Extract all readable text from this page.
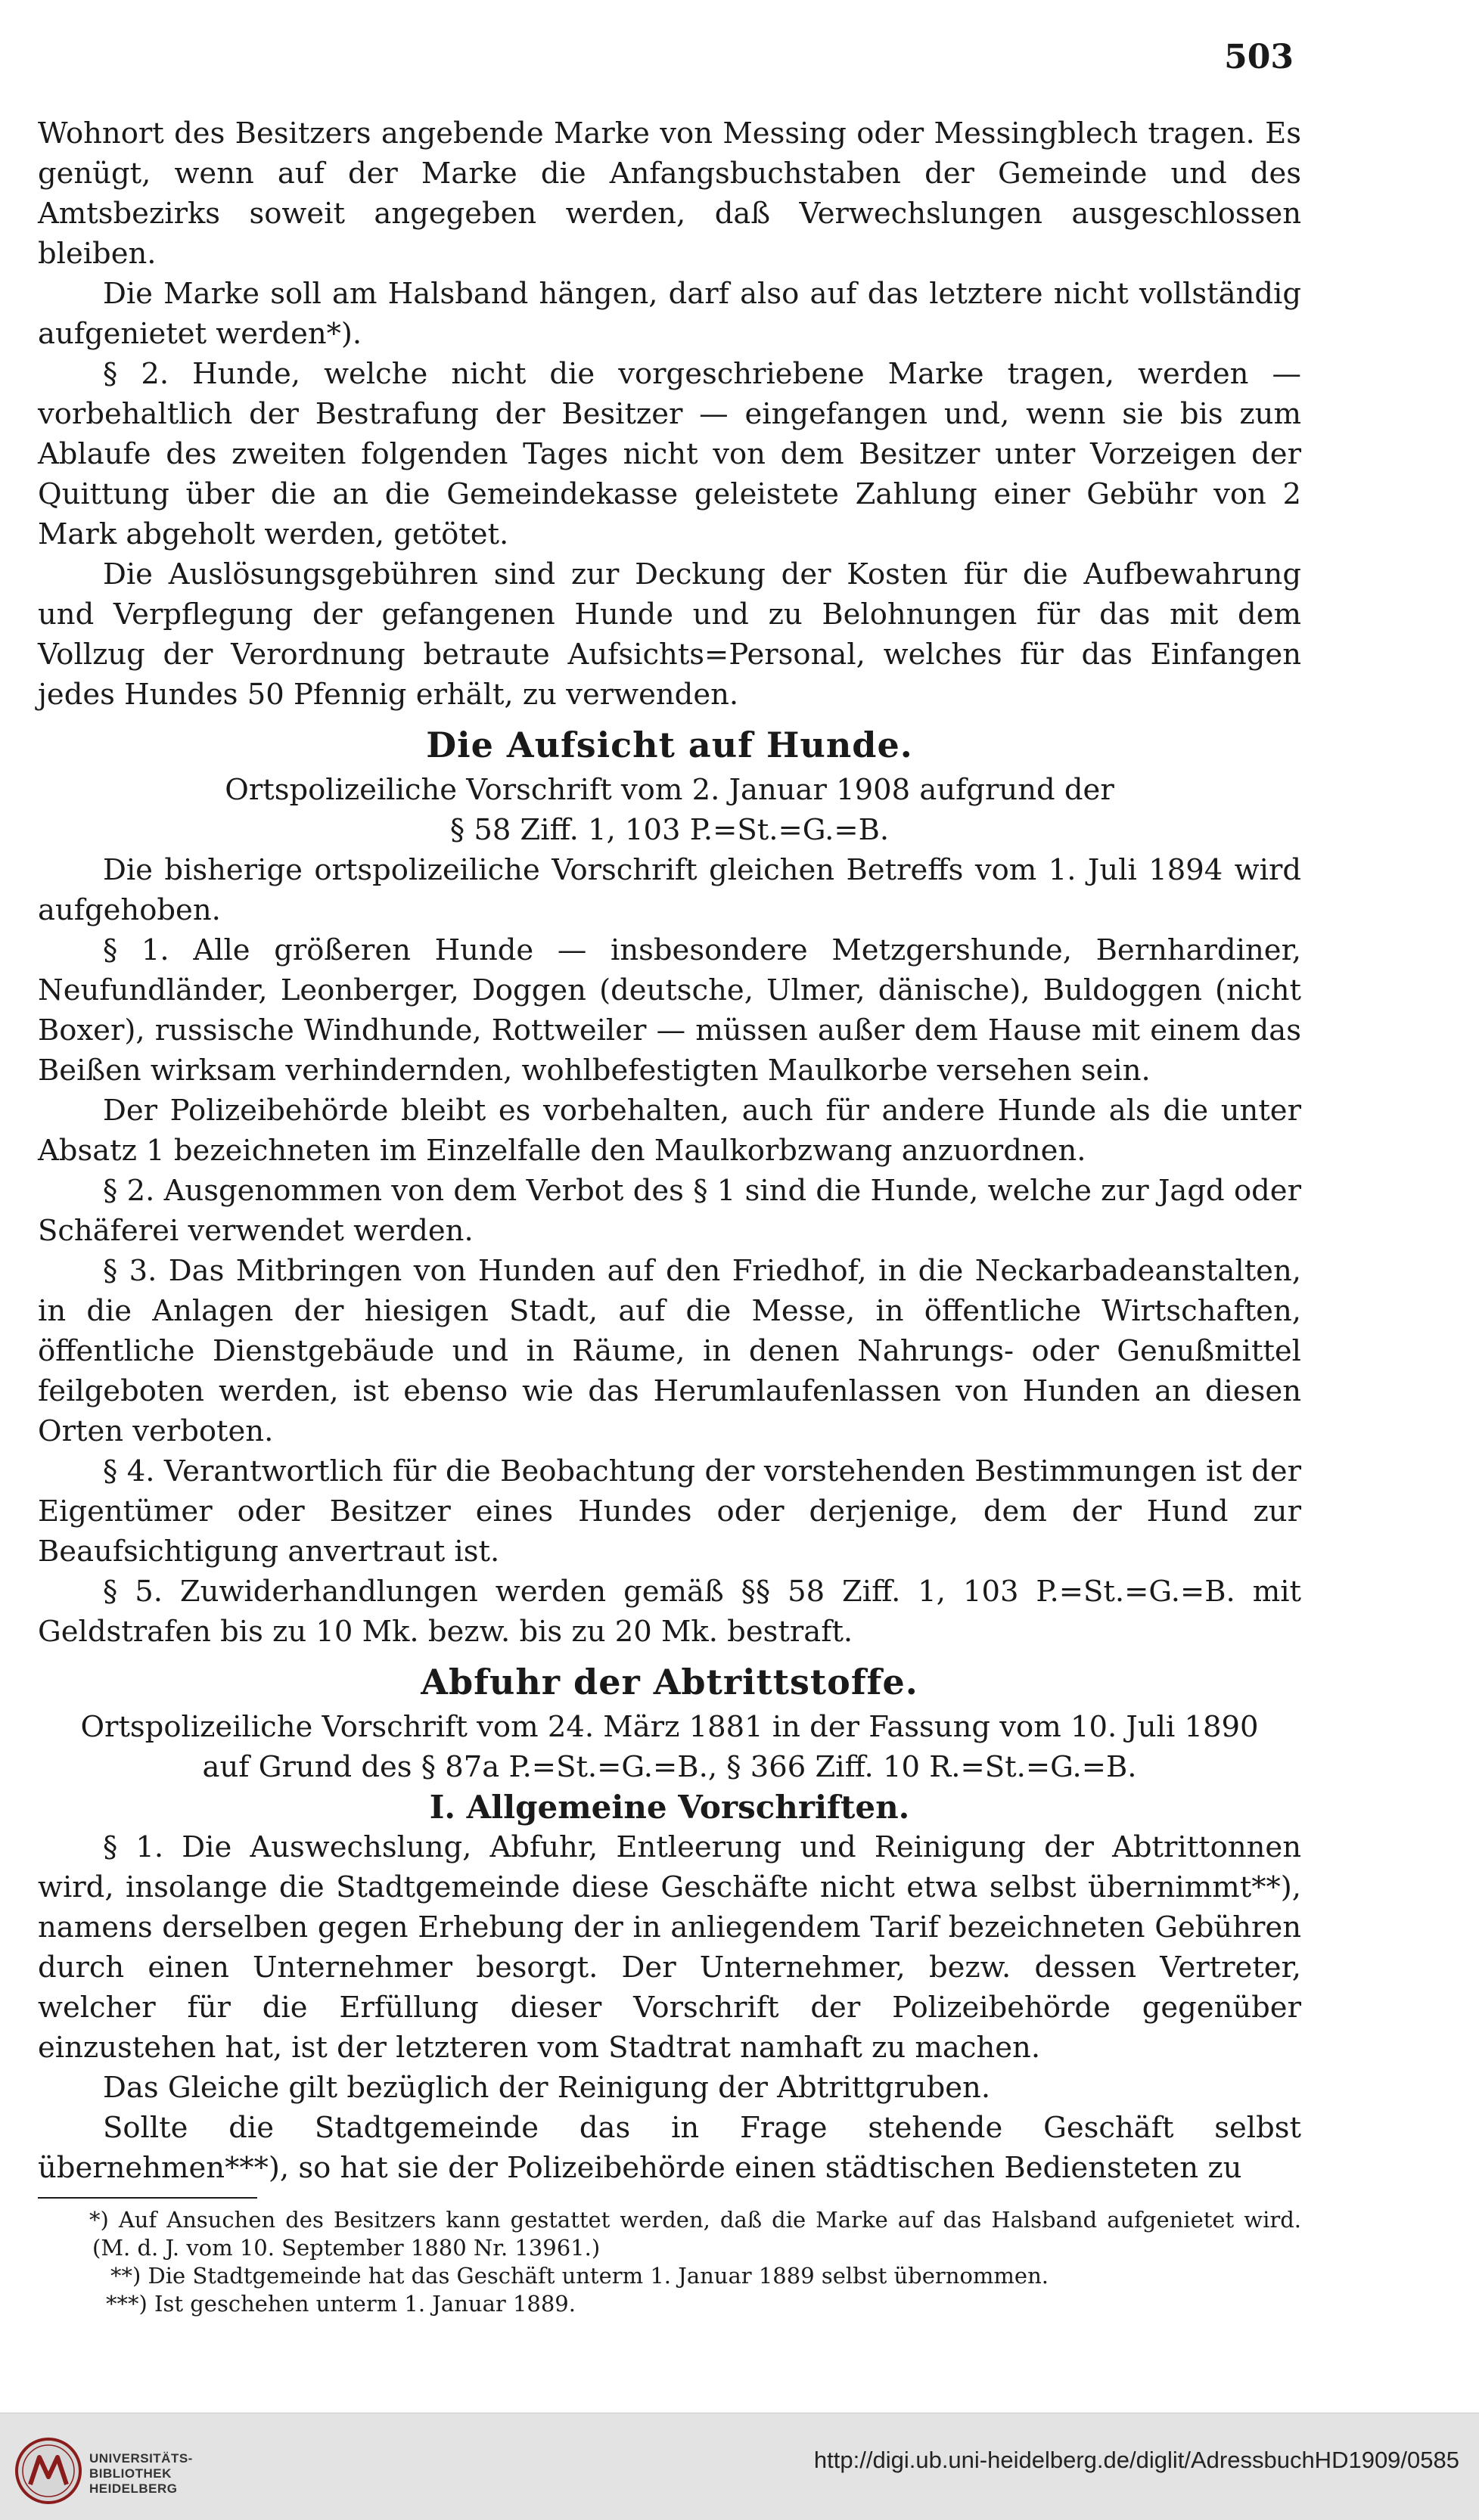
503

Wohnort des Besitzers angebende Marke von Messing oder Messingblech tragen. Es genügt, wenn auf der Marke die Anfangsbuchstaben der Gemeinde und des Amtsbezirks soweit angegeben werden, daß Verwechslungen ausgeschlossen bleiben.

Die Marke soll am Halsband hängen, darf also auf das letztere nicht vollständig aufgenietet werden*).

§ 2. Hunde, welche nicht die vorgeschriebene Marke tragen, werden — vorbehaltlich der Bestrafung der Besitzer — eingefangen und, wenn sie bis zum Ablaufe des zweiten folgenden Tages nicht von dem Besitzer unter Vorzeigen der Quittung über die an die Gemeindekasse geleistete Zahlung einer Gebühr von 2 Mark abgeholt werden, getötet.

Die Auslösungsgebühren sind zur Deckung der Kosten für die Aufbewahrung und Verpflegung der gefangenen Hunde und zu Belohnungen für das mit dem Vollzug der Verordnung betraute Aufsichts=Personal, welches für das Einfangen jedes Hundes 50 Pfennig erhält, zu verwenden.

Die Aufsicht auf Hunde.

Ortspolizeiliche Vorschrift vom 2. Januar 1908 aufgrund der

§ 58 Ziff. 1, 103 P.=St.=G.=B.

Die bisherige ortspolizeiliche Vorschrift gleichen Betreffs vom 1. Juli 1894 wird aufgehoben.

§ 1. Alle größeren Hunde — insbesondere Metzgershunde, Bernhardiner, Neufundländer, Leonberger, Doggen (deutsche, Ulmer, dänische), Buldoggen (nicht Boxer), russische Windhunde, Rottweiler — müssen außer dem Hause mit einem das Beißen wirksam verhindernden, wohlbefestigten Maulkorbe versehen sein.

Der Polizeibehörde bleibt es vorbehalten, auch für andere Hunde als die unter Absatz 1 bezeichneten im Einzelfalle den Maulkorbzwang anzuordnen.

§ 2. Ausgenommen von dem Verbot des § 1 sind die Hunde, welche zur Jagd oder Schäferei verwendet werden.

§ 3. Das Mitbringen von Hunden auf den Friedhof, in die Neckarbadeanstalten, in die Anlagen der hiesigen Stadt, auf die Messe, in öffentliche Wirtschaften, öffentliche Dienstgebäude und in Räume, in denen Nahrungs- oder Genußmittel feilgeboten werden, ist ebenso wie das Herumlaufenlassen von Hunden an diesen Orten verboten.

§ 4. Verantwortlich für die Beobachtung der vorstehenden Bestimmungen ist der Eigentümer oder Besitzer eines Hundes oder derjenige, dem der Hund zur Beaufsichtigung anvertraut ist.

§ 5. Zuwiderhandlungen werden gemäß §§ 58 Ziff. 1, 103 P.=St.=G.=B. mit Geldstrafen bis zu 10 Mk. bezw. bis zu 20 Mk. bestraft.

Abfuhr der Abtrittstoffe.

Ortspolizeiliche Vorschrift vom 24. März 1881 in der Fassung vom 10. Juli 1890

auf Grund des § 87a P.=St.=G.=B., § 366 Ziff. 10 R.=St.=G.=B.

I. Allgemeine Vorschriften.

§ 1. Die Auswechslung, Abfuhr, Entleerung und Reinigung der Abtrittonnen wird, insolange die Stadtgemeinde diese Geschäfte nicht etwa selbst übernimmt**), namens derselben gegen Erhebung der in anliegendem Tarif bezeichneten Gebühren durch einen Unternehmer besorgt. Der Unternehmer, bezw. dessen Vertreter, welcher für die Erfüllung dieser Vorschrift der Polizeibehörde gegenüber einzustehen hat, ist der letzteren vom Stadtrat namhaft zu machen.

Das Gleiche gilt bezüglich der Reinigung der Abtrittgruben.

Sollte die Stadtgemeinde das in Frage stehende Geschäft selbst übernehmen***), so hat sie der Polizeibehörde einen städtischen Bediensteten zu

*) Auf Ansuchen des Besitzers kann gestattet werden, daß die Marke auf das Halsband aufgenietet wird. (M. d. J. vom 10. September 1880 Nr. 13961.)

**) Die Stadtgemeinde hat das Geschäft unterm 1. Januar 1889 selbst übernommen.

***) Ist geschehen unterm 1. Januar 1889.

UNIVERSITÄTS-
BIBLIOTHEK
HEIDELBERG
http://digi.ub.uni-heidelberg.de/diglit/AdressbuchHD1909/0585
